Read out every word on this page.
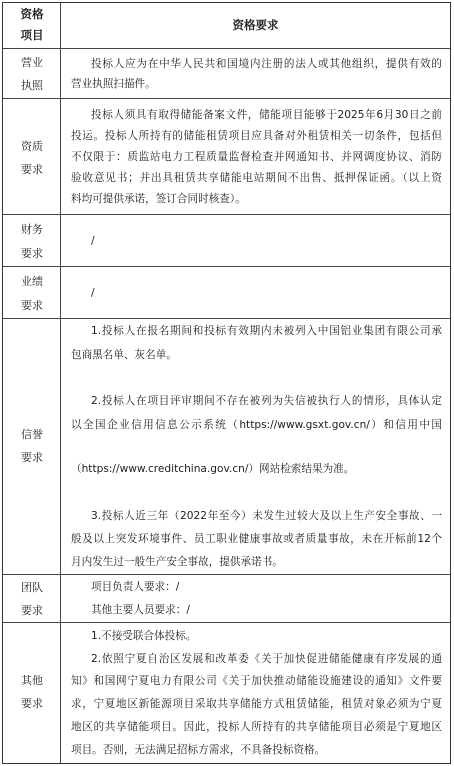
资格
项目
资格要求
营业
执照
投标人应为在中华人民共和国境内注册的法人或其他组织，提供有效的
营业执照扫描件。
资质
要求
投标人须具有取得储能备案文件，储能项目能够于2025年6月30日之前
投运。投标人所持有的储能租赁项目应具备对外租赁相关一切条件，包括但
不仅限于：质监站电力工程质量监督检查并网通知书、并网调度协议、消防
验收意见书；并出具租赁共享储能电站期间不出售、抵押保证函。（以上资
料均可提供承诺，签订合同时核查）。
财务
要求
/
业绩
要求
/
信誉
要求
1.投标人在报名期间和投标有效期内未被列入中国铝业集团有限公司承
包商黑名单、灰名单。
2.投标人在项目评审期间不存在被列为失信被执行人的情形，具体认定
以全国企业信用信息公示系统（https://www.gsxt.gov.cn/）和信用中国
（https://www.creditchina.gov.cn/）网站检索结果为准。
3.投标人近三年（2022年至今）未发生过较大及以上生产安全事故、一
般及以上突发环境事件、员工职业健康事故或者质量事故，未在开标前12个
月内发生过一般生产安全事故，提供承诺书。
团队
要求
项目负责人要求：/
其他主要人员要求：/
其他
要求
1.不接受联合体投标。
2.依照宁夏自治区发展和改革委《关于加快促进储能健康有序发展的通
知》和国网宁夏电力有限公司《关于加快推动储能设施建设的通知》文件要
求，宁夏地区新能源项目采取共享储能方式租赁储能，租赁对象必须为宁夏
地区的共享储能项目。因此，投标人所持有的共享储能项目必须是宁夏地区
项目。否则，无法满足招标方需求，不具备投标资格。
